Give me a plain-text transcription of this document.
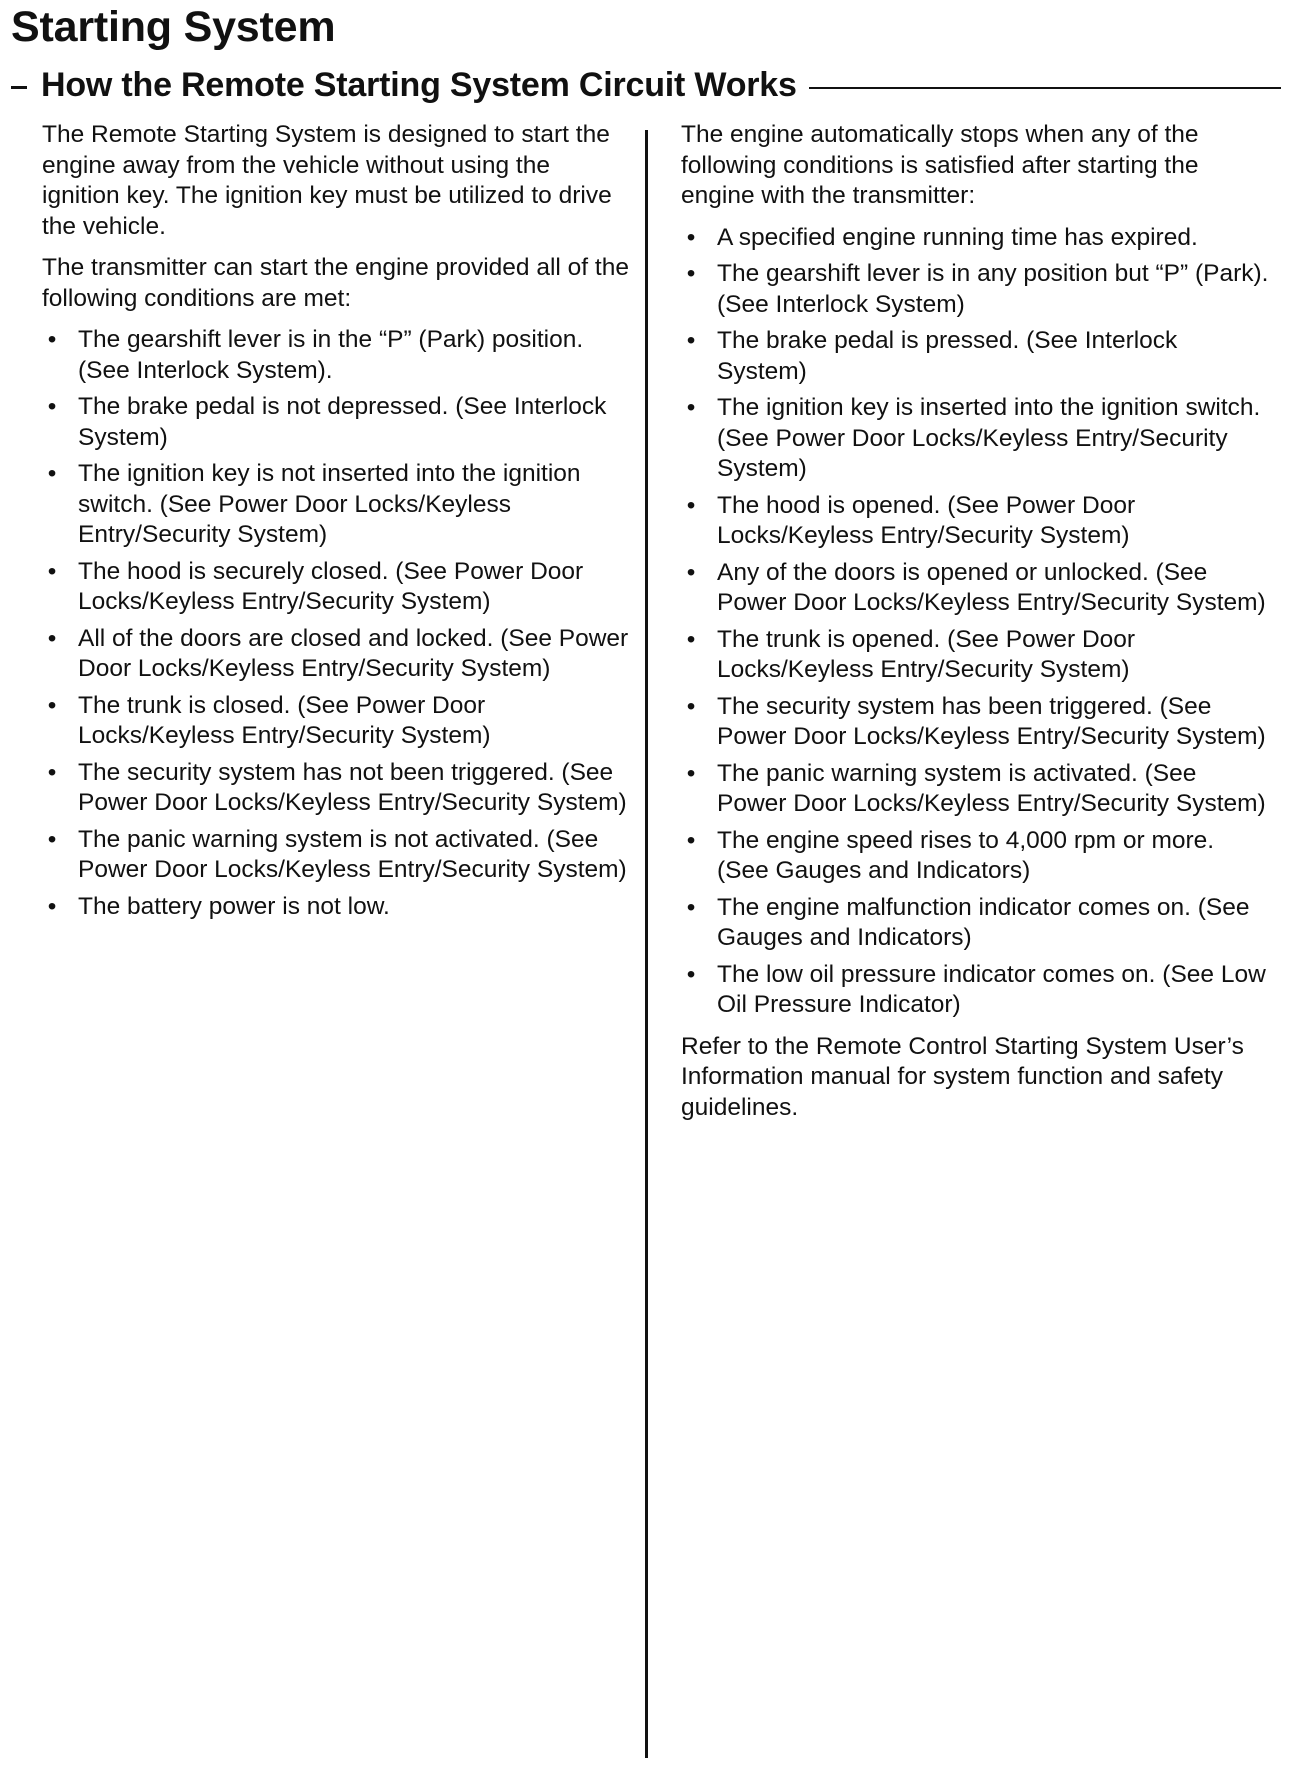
Starting System
How the Remote Starting System Circuit Works

The Remote Starting System is designed to start the engine away from the vehicle without using the ignition key. The ignition key must be utilized to drive the vehicle.

The transmitter can start the engine provided all of the following conditions are met:

• The gearshift lever is in the “P” (Park) position. (See Interlock System).
• The brake pedal is not depressed. (See Interlock System)
• The ignition key is not inserted into the ignition switch. (See Power Door Locks/Keyless Entry/Security System)
• The hood is securely closed. (See Power Door Locks/Keyless Entry/Security System)
• All of the doors are closed and locked. (See Power Door Locks/Keyless Entry/Security System)
• The trunk is closed. (See Power Door Locks/Keyless Entry/Security System)
• The security system has not been triggered. (See Power Door Locks/Keyless Entry/Security System)
• The panic warning system is not activated. (See Power Door Locks/Keyless Entry/Security System)
• The battery power is not low.

The engine automatically stops when any of the following conditions is satisfied after starting the engine with the transmitter:

• A specified engine running time has expired.
• The gearshift lever is in any position but “P” (Park). (See Interlock System)
• The brake pedal is pressed. (See Interlock System)
• The ignition key is inserted into the ignition switch. (See Power Door Locks/Keyless Entry/Security System)
• The hood is opened. (See Power Door Locks/Keyless Entry/Security System)
• Any of the doors is opened or unlocked. (See Power Door Locks/Keyless Entry/Security System)
• The trunk is opened. (See Power Door Locks/Keyless Entry/Security System)
• The security system has been triggered. (See Power Door Locks/Keyless Entry/Security System)
• The panic warning system is activated. (See Power Door Locks/Keyless Entry/Security System)
• The engine speed rises to 4,000 rpm or more. (See Gauges and Indicators)
• The engine malfunction indicator comes on. (See Gauges and Indicators)
• The low oil pressure indicator comes on. (See Low Oil Pressure Indicator)

Refer to the Remote Control Starting System User’s Information manual for system function and safety guidelines.
